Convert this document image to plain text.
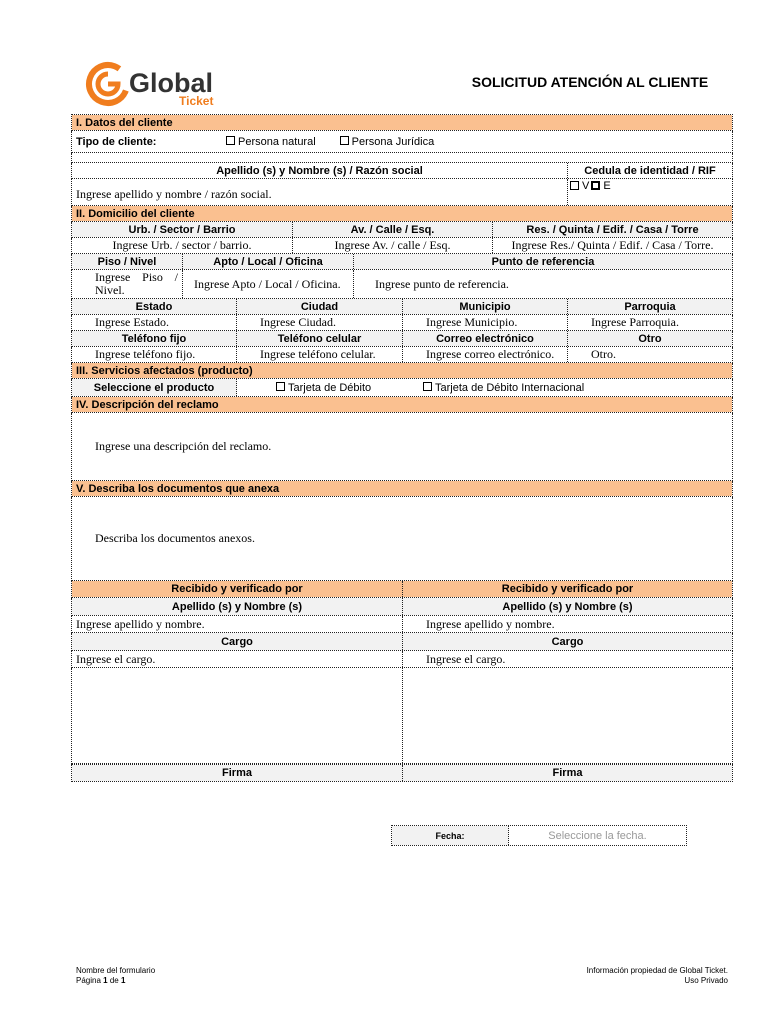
Global
Ticket
SOLICITUD ATENCIÓN AL CLIENTE
I. Datos del cliente
Tipo de cliente:	Persona natural	Persona Jurídica
Apellido (s) y Nombre (s) / Razón social	Cedula de identidad / RIF
Ingrese apellido y nombre / razón social.
V E
II. Domicilio del cliente
Urb. / Sector / Barrio	Av. / Calle / Esq.	Res. / Quinta / Edif. / Casa / Torre
Ingrese Urb. / sector / barrio.	Ingrese Av. / calle / Esq.	Ingrese Res./ Quinta / Edif. / Casa / Torre.
Piso / Nivel	Apto / Local / Oficina	Punto de referencia
Ingrese Piso / Nivel.	Ingrese Apto / Local / Oficina.	Ingrese punto de referencia.
Estado	Ciudad	Municipio	Parroquia
Ingrese Estado.	Ingrese Ciudad.	Ingrese Municipio.	Ingrese Parroquia.
Teléfono fijo	Teléfono celular	Correo electrónico	Otro
Ingrese teléfono fijo.	Ingrese teléfono celular.	Ingrese correo electrónico.	Otro.
III. Servicios afectados (producto)
Seleccione el producto	Tarjeta de Débito	Tarjeta de Débito Internacional
IV. Descripción del reclamo
Ingrese una descripción del reclamo.
V. Describa los documentos que anexa
Describa los documentos anexos.
Recibido y verificado por	Recibido y verificado por
Apellido (s) y Nombre (s)	Apellido (s) y Nombre (s)
Ingrese apellido y nombre.	Ingrese apellido y nombre.
Cargo	Cargo
Ingrese el cargo.	Ingrese el cargo.
Firma	Firma
Fecha:	Seleccione la fecha.
Nombre del formulario
Página 1 de 1
Información propiedad de Global Ticket.
Uso Privado
